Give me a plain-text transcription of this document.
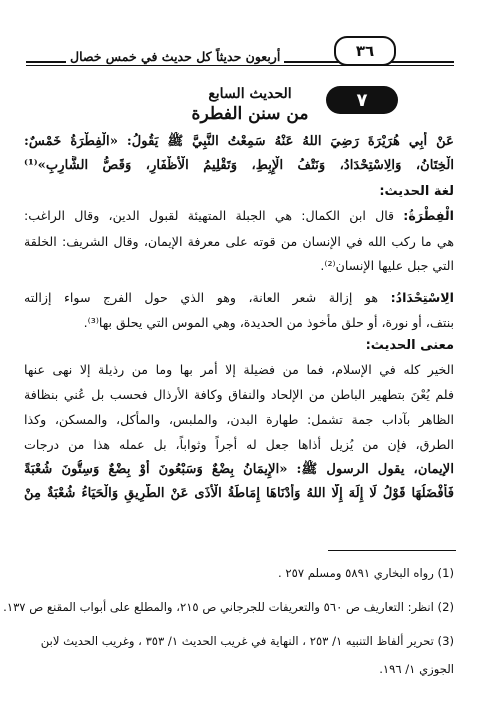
٣٦
أربعون حديثاً كل حديث في خمس خصال
٧
الحديث السابع
من سنن الفطرة
عَنْ أَبِي هُرَيْرَةَ رَضِيَ اللهُ عَنْهُ سَمِعْتُ النَّبِيَّ ﷺ يَقُولُ: «الْفِطْرَةُ خَمْسٌ:
الْخِتَانُ، وَالِاسْتِحْدَادُ، وَنَتْفُ الْإِبِطِ، وَتَقْلِيمُ الْأَظْفَارِ، وَقَصُّ الشَّارِبِ»⁽¹⁾
لغة الحديث:
الْفِطْرَةُ: قال ابن الكمال: هي الجبلة المتهيئة لقبول الدين، وقال الراغب:
هي ما ركب الله في الإنسان من قوته على معرفة الإيمان، وقال الشريف: الخلقة
التي جبل عليها الإنسان⁽²⁾.
الِاسْتِحْدَادُ: هو إزالة شعر العانة، وهو الذي حول الفرج سواء إزالته
بنتف، أو نورة، أو حلق مأخوذ من الحديدة، وهي الموس التي يحلق بها⁽³⁾.
معنى الحديث:
الخير كله في الإسلام، فما من فضيلة إلا أمر بها وما من رذيلة إلا نهى عنها
فلم يُعْنَ بتطهير الباطن من الإلحاد والنفاق وكافة الأرذال فحسب بل عُني بنظافة
الظاهر بآداب جمة تشمل: طهارة البدن، والملبس، والمأكل، والمسكن، وكذا
الطرق، فإن من يُزيل أذاها جعل له أجراً وثواباً، بل عمله هذا من درجات
الإيمان، يقول الرسول ﷺ: «الإِيمَانُ بِضْعٌ وَسَبْعُونَ أَوْ بِضْعٌ وَسِتُّونَ شُعْبَةً
فَأَفْضَلُهَا قَوْلُ لَا إِلَهَ إِلَّا اللهُ وَأَدْنَاهَا إِمَاطَةُ الْأَذَى عَنْ الطَّرِيقِ وَالْحَيَاءُ شُعْبَةٌ مِنْ
(1) رواه البخاري ٥٨٩١ ومسلم ٢٥٧ .
(2) انظر: التعاريف ص ٥٦٠ والتعريفات للجرجاني ص ٢١٥، والمطلع على أبواب المقنع ص ١٣٧.
(3) تحرير ألفاظ التنبيه ١/ ٢٥٣ ، النهاية في غريب الحديث ١/ ٣٥٣ ، وغريب الحديث لابن
الجوزي ١/ ١٩٦.
